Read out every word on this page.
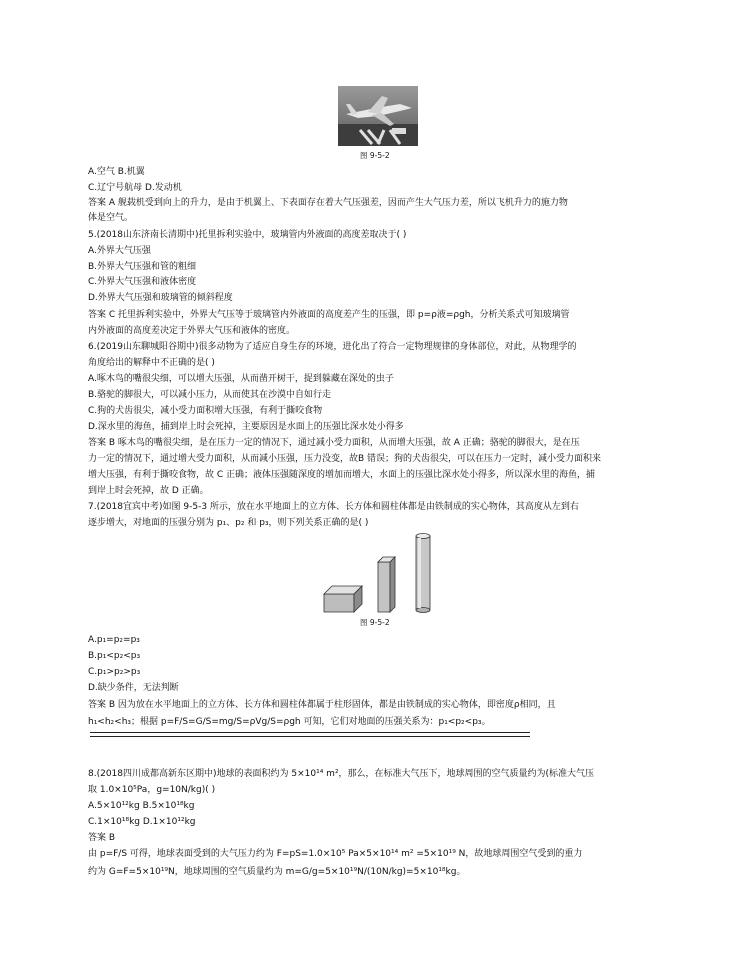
图 9-5-2
A.空气 B.机翼
C.辽宁号航母 D.发动机
答案 A 舰载机受到向上的升力，是由于机翼上、下表面存在着大气压强差，因而产生大气压力差，所以飞机升力的施力物
体是空气。
5.(2018山东济南长清期中)托里拆利实验中，玻璃管内外液面的高度差取决于( )
A.外界大气压强
B.外界大气压强和管的粗细
C.外界大气压强和液体密度
D.外界大气压强和玻璃管的倾斜程度
答案 C 托里拆利实验中，外界大气压等于玻璃管内外液面的高度差产生的压强，即 p=ρ液=ρgh，分析关系式可知玻璃管
内外液面的高度差决定于外界大气压和液体的密度。
6.(2019山东聊城阳谷期中)很多动物为了适应自身生存的环境，进化出了符合一定物理规律的身体部位，对此，从物理学的
角度给出的解释中不正确的是( )
A.啄木鸟的嘴很尖细，可以增大压强，从而凿开树干，捉到躲藏在深处的虫子
B.骆驼的脚很大，可以减小压力，从而使其在沙漠中自如行走
C.狗的犬齿很尖，减小受力面积增大压强，有利于撕咬食物
D.深水里的海鱼，捕到岸上时会死掉，主要原因是水面上的压强比深水处小得多
答案 B 啄木鸟的嘴很尖细，是在压力一定的情况下，通过减小受力面积，从而增大压强，故 A 正确；骆驼的脚很大，是在压
力一定的情况下，通过增大受力面积，从而减小压强，压力没变，故B 错误；狗的犬齿很尖，可以在压力一定时，减小受力面积来
增大压强，有利于撕咬食物，故 C 正确；液体压强随深度的增加而增大，水面上的压强比深水处小得多，所以深水里的海鱼，捕
到岸上时会死掉，故 D 正确。
7.(2018宜宾中考)如图 9-5-3 所示，放在水平地面上的立方体、长方体和圆柱体都是由铁制成的实心物体，其高度从左到右
逐步增大，对地面的压强分别为 p₁、p₂ 和 p₃，则下列关系正确的是( )
图 9-5-2
A.p₁=p₂=p₃
B.p₁<p₂<p₃
C.p₁>p₂>p₃
D.缺少条件，无法判断
答案 B 因为放在水平地面上的立方体、长方体和圆柱体都属于柱形固体，都是由铁制成的实心物体，即密度ρ相同，且
h₁<h₂<h₃；根据 p=F/S=G/S=mg/S=ρVg/S=ρgh 可知，它们对地面的压强关系为：p₁<p₂<p₃。
8.(2018四川成都高新东区期中)地球的表面积约为 5×10¹⁴ m²，那么，在标准大气压下，地球周围的空气质量约为(标准大气压
取 1.0×10⁵Pa，g=10N/kg)( )
A.5×10¹²kg B.5×10¹⁸kg
C.1×10¹⁸kg D.1×10¹²kg
答案 B
由 p=F/S 可得，地球表面受到的大气压力约为 F=pS=1.0×10⁵ Pa×5×10¹⁴ m² =5×10¹⁹ N，故地球周围空气受到的重力
约为 G=F=5×10¹⁹N，地球周围的空气质量约为 m=G/g=5×10¹⁹N/(10N/kg)=5×10¹⁸kg。
